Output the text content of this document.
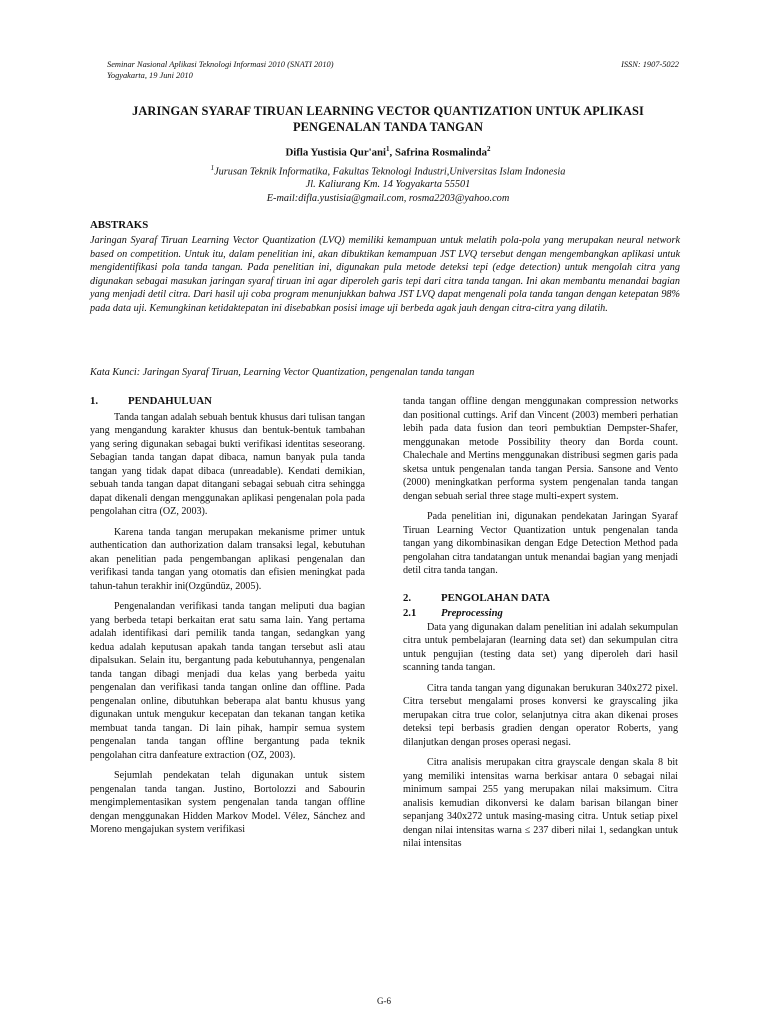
Seminar Nasional Aplikasi Teknologi Informasi 2010 (SNATI 2010)
Yogyakarta, 19 Juni 2010
ISSN: 1907-5022
JARINGAN SYARAF TIRUAN LEARNING VECTOR QUANTIZATION UNTUK APLIKASI
PENGENALAN TANDA TANGAN
Difla Yustisia Qur'ani$^1$, Safrina Rosmalinda$^2$
$^1$Jurusan Teknik Informatika, Fakultas Teknologi Industri,Universitas Islam Indonesia
Jl. Kaliurang Km. 14 Yogyakarta 55501
E-mail:difla.yustisia@gmail.com, rosma2203@yahoo.com
ABSTRAKS

Jaringan Syaraf Tiruan Learning Vector Quantization (LVQ) memiliki kemampuan untuk melatih pola-pola yang merupakan neural network based on competition. Untuk itu, dalam penelitian ini, akan dibuktikan kemampuan JST LVQ tersebut dengan mengembangkan aplikasi untuk mengidentifikasi pola tanda tangan. Pada penelitian ini, digunakan pula metode deteksi tepi (edge detection) untuk mengolah citra yang digunakan sebagai masukan jaringan syaraf tiruan ini agar diperoleh garis tepi dari citra tanda tangan. Ini akan membantu menandai bagian yang menjadi detil citra. Dari hasil uji coba program menunjukkan bahwa JST LVQ dapat mengenali pola tanda tangan dengan ketepatan 98% pada data uji. Kemungkinan ketidaktepatan ini disebabkan posisi image uji berbeda agak jauh dengan citra-citra yang dilatih.

Kata Kunci: Jaringan Syaraf Tiruan, Learning Vector Quantization, pengenalan tanda tangan
1.	PENDAHULUAN

Tanda tangan adalah sebuah bentuk khusus dari tulisan tangan yang mengandung karakter khusus dan bentuk-bentuk tambahan yang sering digunakan sebagai bukti verifikasi identitas seseorang. Sebagian tanda tangan dapat dibaca, namun banyak pula tanda tangan yang tidak dapat dibaca (unreadable). Kendati demikian, sebuah tanda tangan dapat ditangani sebagai sebuah citra sehingga dapat dikenali dengan menggunakan aplikasi pengenalan pola pada pengolahan citra (OZ, 2003).

Karena tanda tangan merupakan mekanisme primer untuk authentication dan authorization dalam transaksi legal, kebutuhan akan penelitian pada pengembangan aplikasi pengenalan dan verifikasi tanda tangan yang otomatis dan efisien meningkat pada tahun-tahun terakhir ini(Ozgündüz, 2005).

Pengenalandan verifikasi tanda tangan meliputi dua bagian yang berbeda tetapi berkaitan erat satu sama lain. Yang pertama adalah identifikasi dari pemilik tanda tangan, sedangkan yang kedua adalah keputusan apakah tanda tangan tersebut asli atau dipalsukan. Selain itu, bergantung pada kebutuhannya, pengenalan tanda tangan dibagi menjadi dua kelas yang berbeda yaitu pengenalan dan verifikasi tanda tangan online dan offline. Pada pengenalan online, dibutuhkan beberapa alat bantu khusus yang digunakan untuk mengukur kecepatan dan tekanan tangan ketika membuat tanda tangan. Di lain pihak, hampir semua system pengenalan tanda tangan offline bergantung pada teknik pengolahan citra danfeature extraction (OZ, 2003).

Sejumlah pendekatan telah digunakan untuk sistem pengenalan tanda tangan. Justino, Bortolozzi and Sabourin mengimplementasikan system pengenalan tanda tangan offline dengan menggunakan Hidden Markov Model. Vélez, Sánchez and Moreno mengajukan system verifikasi

tanda tangan offline dengan menggunakan compression networks dan positional cuttings. Arif dan Vincent (2003) memberi perhatian lebih pada data fusion dan teori pembuktian Dempster-Shafer, menggunakan metode Possibility theory dan Borda count. Chalechale and Mertins menggunakan distribusi segmen garis pada sketsa untuk pengenalan tanda tangan Persia. Sansone and Vento (2000) meningkatkan performa system pengenalan tanda tangan dengan sebuah serial three stage multi-expert system.

Pada penelitian ini, digunakan pendekatan Jaringan Syaraf Tiruan Learning Vector Quantization untuk pengenalan tanda tangan yang dikombinasikan dengan Edge Detection Method pada pengolahan citra tandatangan untuk menandai bagian yang menjadi detil citra tanda tangan.

2.	PENGOLAHAN DATA
2.1 Preprocessing

Data yang digunakan dalam penelitian ini adalah sekumpulan citra untuk pembelajaran (learning data set) dan sekumpulan citra untuk pengujian (testing data set) yang diperoleh dari hasil scanning tanda tangan.

Citra tanda tangan yang digunakan berukuran 340x272 pixel. Citra tersebut mengalami proses konversi ke grayscaling jika merupakan citra true color, selanjutnya citra akan dikenai proses deteksi tepi berbasis gradien dengan operator Roberts, yang dilanjutkan dengan proses operasi negasi.

Citra analisis merupakan citra grayscale dengan skala 8 bit yang memiliki intensitas warna berkisar antara 0 sebagai nilai minimum sampai 255 yang merupakan nilai maksimum. Citra analisis kemudian dikonversi ke dalam barisan bilangan biner sepanjang 340x272 untuk masing-masing citra. Untuk setiap pixel dengan nilai intensitas warna ≤ 237 diberi nilai 1, sedangkan untuk nilai intensitas

G-6
